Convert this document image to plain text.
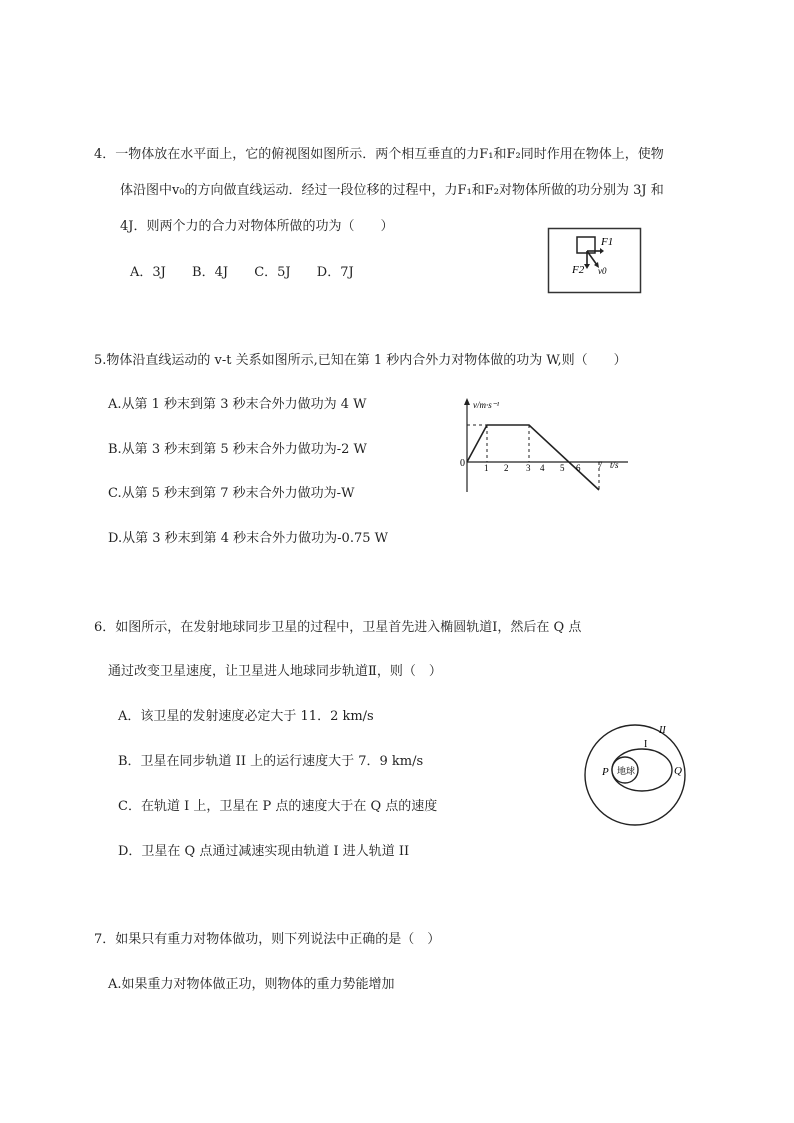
4．一物体放在水平面上，它的俯视图如图所示．两个相互垂直的力F₁和F₂同时作用在物体上，使物
体沿图中v₀的方向做直线运动．经过一段位移的过程中，力F₁和F₂对物体所做的功分别为 3J 和
4J．则两个力的合力对物体所做的功为（　　）
A．3J B．4J C．5J D．7J
F1
F2 v0
5.物体沿直线运动的 v-t 关系如图所示,已知在第 1 秒内合外力对物体做的功为 W,则（　　）
A.从第 1 秒末到第 3 秒末合外力做功为 4 W
B.从第 3 秒末到第 5 秒末合外力做功为-2 W
C.从第 5 秒末到第 7 秒末合外力做功为-W
D.从第 3 秒末到第 4 秒末合外力做功为-0.75 W
v/m·s⁻¹
0	t/s
1 2 3 4 5 6 7
6．如图所示，在发射地球同步卫星的过程中，卫星首先进入椭圆轨道Ⅰ，然后在 Q 点
通过改变卫星速度，让卫星进人地球同步轨道Ⅱ，则（　）
A．该卫星的发射速度必定大于 11．2 km/s
B．卫星在同步轨道 II 上的运行速度大于 7．9 km/s
C．在轨道 I 上，卫星在 P 点的速度大于在 Q 点的速度
D．卫星在 Q 点通过减速实现由轨道 I 进人轨道 II
地球
P	Q
I
II
7．如果只有重力对物体做功，则下列说法中正确的是（　）
A.如果重力对物体做正功，则物体的重力势能增加
